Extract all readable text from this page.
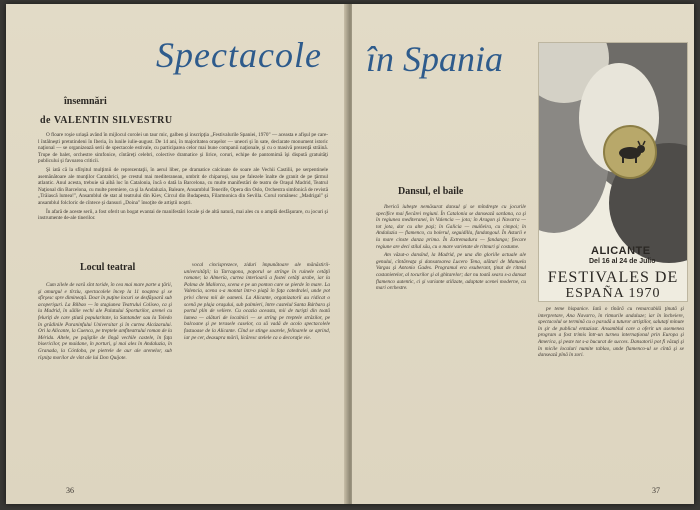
Spectacole
însemnări
de VALENTIN SILVESTRU

O floare roşie uriaşă având în mijlocul corolei un taur mic, galben şi inscripţia „Festivalurile Spaniei, 1970" — aceasta e afişul pe care-l întâlneşti pretutindeni în Iberia, în lunile iulie-august. De 14 ani, în majoritatea oraşelor — uneori şi în sate, declarate monument istoric naţional — se organizează serii de spectacole estivale, cu participarea celor mai bune companii naţionale, şi cu o masivă prezenţă străină. Trupe de balet, orchestre simfonice, cîntăreţi celebri, colective dramatice şi lirice, coruri, echipe de pantomimă îşi dispută gratuităţi publicului şi favoarea criticii.

Şi iată că la sfîrşitul mulţimii de reprezentaţii, în aerul liber, pe dramatice calcinate de soare ale Vechii Castilii, pe serpentinele asemănătoare ale munţilor Cantabrici, pe crestul mai mediteranean, umbrit de chiparoşi, sau pe falezele înalte de granit de pe ţărmul atlantic. Anul acesta, trebuie să aibă loc în Catalonia, încă o dată la Barcelona, cu multe manifestări de teatru de Oraşul Madrid, Teatrul Naţional din Barcelona, cu multe premiere, ca şi la Andaluzia, Baleare, Ansamblul Tenerife, Opera din Oslo, Orchestra simfonică de revistă „Trăiască lumea!", Ansamblul de stat al teatrului din Kiev, Circul din Budapesta, Filarmonica din Sevilla. Corul românesc „Madrigal" şi ansamblul folcloric de cîntece şi dansuri „Doina" însoţite de artiştii noştri.

În afară de aceste serii, a fost oferit un bogat evantai de manifestări locale şi de altă natură, mai ales cu o amplă desfăşurare, cu jocuri şi instrumente de-ale tinerilor.

Locul teatral

Cum zilele de vară sînt toride, în cea mai mare parte a ţării, şi amurgul e tîrziu, spectacolele încep la 11 noaptea şi se sfîrşesc spre dimineaţă. Doar în puţine locuri se desfăşoară sub acoperişuri. La Bilbao — în stagiunea Teatrului Coliseo, ca şi la Madrid, în sălile vechi ale Palatului Sporturilor, arenei cu feluriţi de care ştiută popularitate, la Santander sau la Toledo în grădinile Paraninfului Universitar şi în curtea Alcázarului. Ori la Alicante, la Cuenca, pe treptele amfiteatrului roman de la Mérida. Altele, pe pajiştile de lîngă vechile castele, în faţa bisericilor, pe maidane, în porturi, şi mai ales în Andaluzia, în Granada, la Córdoba, pe pietrele de aur ale arenelor, sub rîşniţa morilor de vînt ale lui Don Quijote.

vocal cincisprezece, ziduri împunătoare ale mănăstirii-universităţii; la Tarragona, poporul se strînge în ruinele cetăţii romane; la Almería, curtea interioară a fostei cetăţi arabe, iar la Palma de Mallorca, scena e pe un ponton care se pierde în mare. La Valencia, scena s-a montat într-o piaţă în faţa catedralei, unde pot privi cîteva mii de oameni. La Alicante, organizatorii au ridicat o scenă pe plaja oraşului, sub palmieri, între castelul Santa Bárbara şi portul plin de veliere. Cu ocazia aceasta, mii de turişti din toată lumea — alături de localnici — se strîng pe treptele străzilor, pe balcoane şi pe terasele caselor, ca să vadă de acolo spectacolele fastuoase de la Alicante. Cînd se stinge soarele, felinarele se aprind, iar pe cer, deasupra mării, licăresc stelele ca o decoraţie vie.

36
în Spania
ALICANTE
Del 16 al 24 de Julio
FESTIVALES DE
ESPAÑA 1970
Dansul, el baile

Iberică iubeşte nemăsurat dansul şi se mîndreşte cu jocurile specifice mai fiecărei regiuni. În Catalonia se dansează sardana, ca şi în regiunea mediteranei, în Valencia — jota; în Aragon şi Navarra — tot jota, dar cu alte paşi; în Galicia — muiñeira, cu cimpoi; în Andaluzia — flamenco, cu bolerul, seguidilla, fandangoul. În Asturii e la mare cinste danza prima. În Extremadura — fandango; fiecare regiune are deci stilul său, cu o mare varietate de ritmuri şi costume.

Am văzut-o dansînd, la Madrid, pe una din gloriile actuale ale genului, cîntăreaţa şi dansatoarea Lucero Tena, alături de Manuela Vargas şi Antonio Gades. Programul era exuberant, ţinut de ritmul castanietelor, al tocurilor şi al ghitarelor; dar nu toată seara s-a dansat flamenco autentic, ci şi variante stilizate, adaptate scenei moderne, cu mari orchestre.

pe teme hispanice. Iată o tînără cu remarcabilă ţinută şi interpretare, Ana Navarro, în ritmurile andaluze; iar în încheiere, spectacolul se termină cu o paradă a tuturor artiştilor, salutaţi minute în şir de publicul entuziast. Ansamblul care a oferit un asemenea program a fost trimis într-un turneu internaţional prin Europa şi America, şi peste tot s-a bucurat de succes. Dansatorii pot fi văzuţi şi în micile localuri numite tablao, unde flamenco-ul se cîntă şi se dansează pînă în zori.

37
